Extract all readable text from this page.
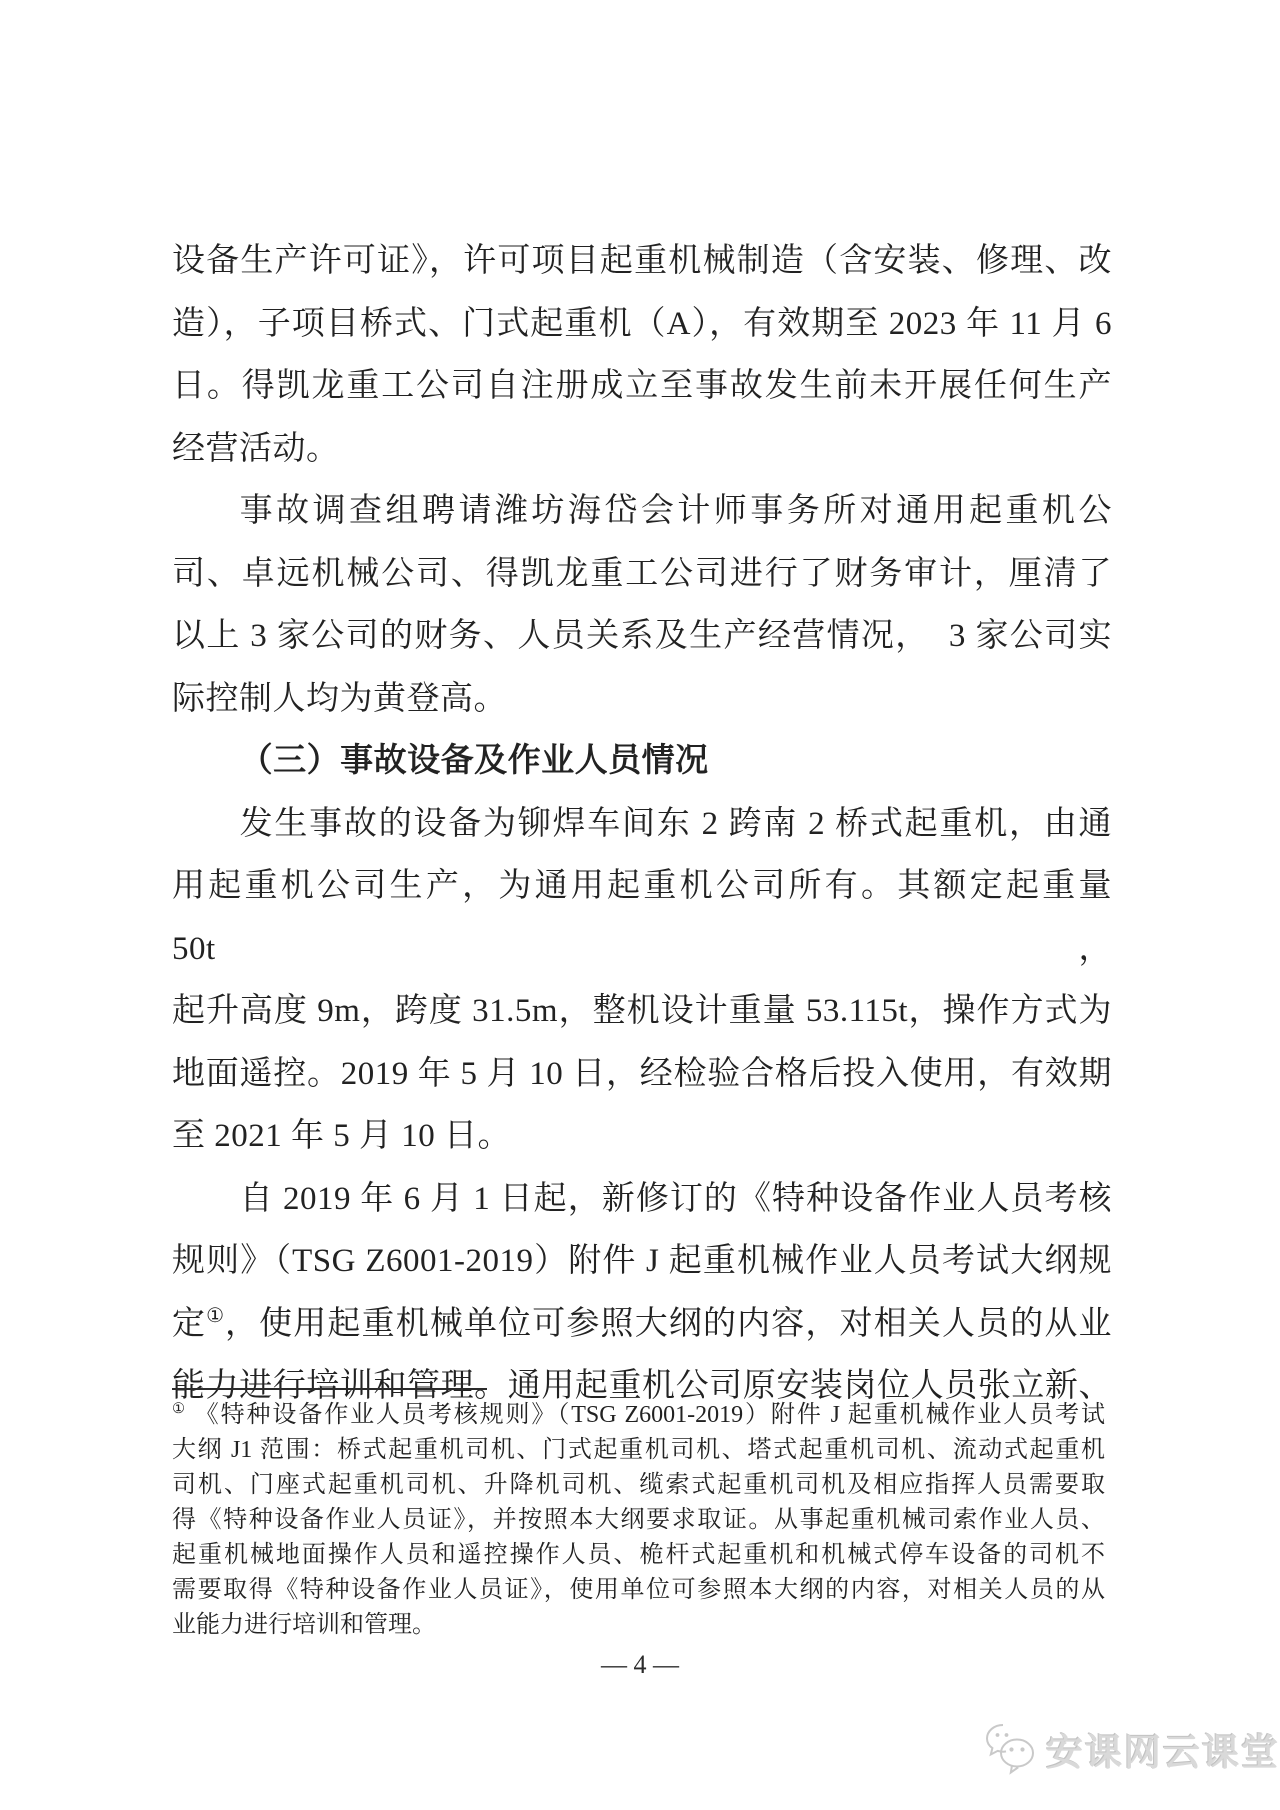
设备生产许可证》，许可项目起重机械制造（含安装、修理、改
造），子项目桥式、门式起重机（A），有效期至 2023 年 11 月 6
日。得凯龙重工公司自注册成立至事故发生前未开展任何生产
经营活动。
事故调查组聘请潍坊海岱会计师事务所对通用起重机公
司、卓远机械公司、得凯龙重工公司进行了财务审计，厘清了
以上 3 家公司的财务、人员关系及生产经营情况，  3 家公司实
际控制人均为黄登高。
（三）事故设备及作业人员情况
发生事故的设备为铆焊车间东 2 跨南 2 桥式起重机，由通
用起重机公司生产，为通用起重机公司所有。其额定起重量 50t，
起升高度 9m，跨度 31.5m，整机设计重量 53.115t，操作方式为
地面遥控。2019 年 5 月 10 日，经检验合格后投入使用，有效期
至 2021 年 5 月 10 日。
自 2019 年 6 月 1 日起，新修订的《特种设备作业人员考核
规则》（TSG Z6001-2019）附件 J 起重机械作业人员考试大纲规
定①，使用起重机械单位可参照大纲的内容，对相关人员的从业
能力进行培训和管理。通用起重机公司原安装岗位人员张立新、
① 《特种设备作业人员考核规则》（TSG Z6001-2019）附件 J 起重机械作业人员考试
大纲 J1 范围：桥式起重机司机、门式起重机司机、塔式起重机司机、流动式起重机
司机、门座式起重机司机、升降机司机、缆索式起重机司机及相应指挥人员需要取
得《特种设备作业人员证》，并按照本大纲要求取证。从事起重机械司索作业人员、
起重机械地面操作人员和遥控操作人员、桅杆式起重机和机械式停车设备的司机不
需要取得《特种设备作业人员证》，使用单位可参照本大纲的内容，对相关人员的从
业能力进行培训和管理。
— 4 —
安课网云课堂
